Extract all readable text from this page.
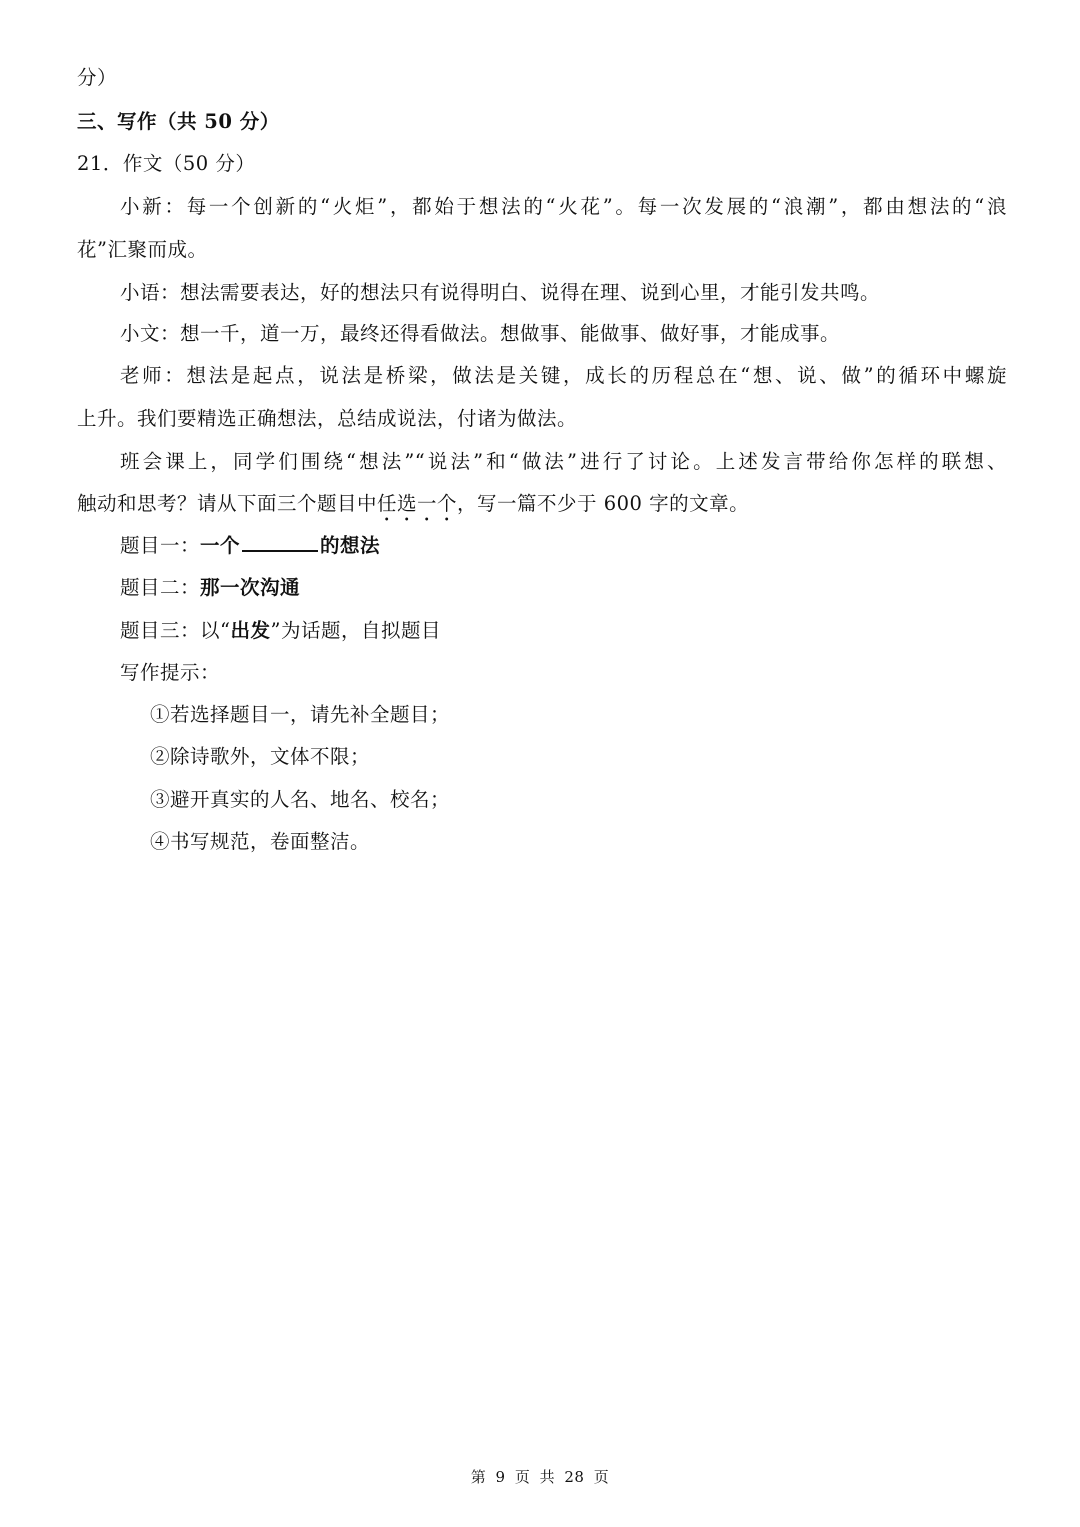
分）
三、写作（共 50 分）
21．作文（50 分）
小新：每一个创新的“火炬”，都始于想法的“火花”。每一次发展的“浪潮”，都由想法的“浪
花”汇聚而成。
小语：想法需要表达，好的想法只有说得明白、说得在理、说到心里，才能引发共鸣。
小文：想一千，道一万，最终还得看做法。想做事、能做事、做好事，才能成事。
老师：想法是起点，说法是桥梁，做法是关键，成长的历程总在“想、说、做”的循环中螺旋
上升。我们要精选正确想法，总结成说法，付诸为做法。
班会课上，同学们围绕“想法”“说法”和“做法”进行了讨论。上述发言带给你怎样的联想、
触动和思考？请从下面三个题目中任选一个，写一篇不少于 600 字的文章。
题目一：一个	的想法
题目二：那一次沟通
题目三：以“出发”为话题，自拟题目
写作提示：
①若选择题目一，请先补全题目；
②除诗歌外，文体不限；
③避开真实的人名、地名、校名；
④书写规范，卷面整洁。
第 9 页 共 28 页
